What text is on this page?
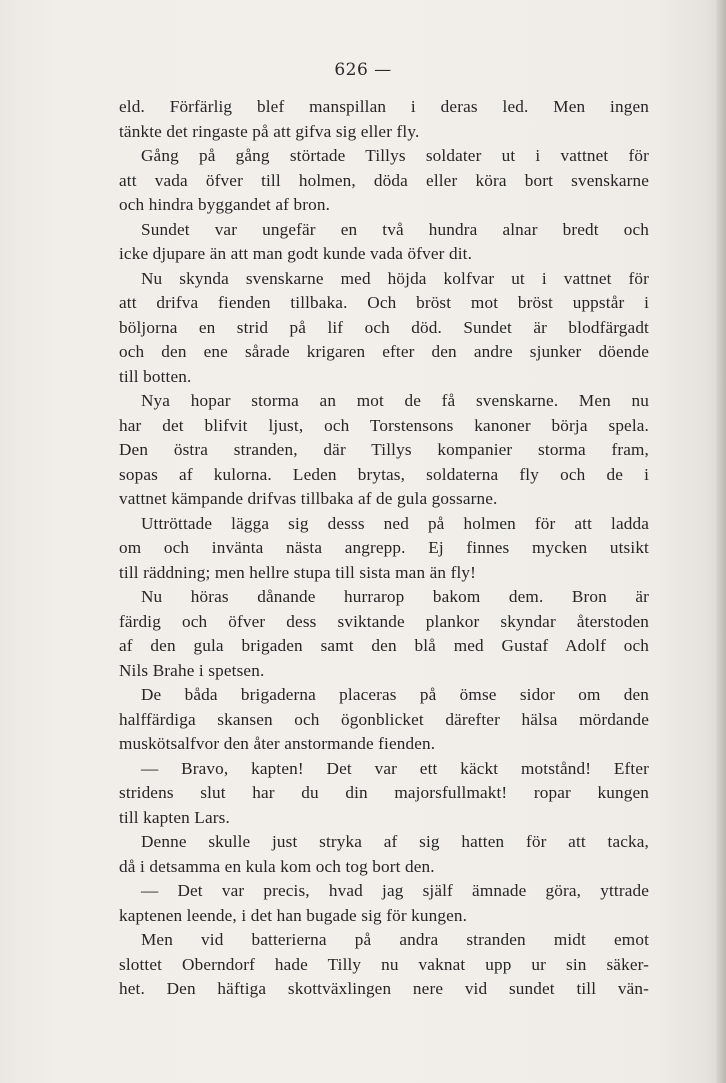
626 —
eld. Förfärlig blef manspillan i deras led. Men ingen
tänkte det ringaste på att gifva sig eller fly.
Gång på gång störtade Tillys soldater ut i vattnet för
att vada öfver till holmen, döda eller köra bort svenskarne
och hindra byggandet af bron.
Sundet var ungefär en två hundra alnar bredt och
icke djupare än att man godt kunde vada öfver dit.
Nu skynda svenskarne med höjda kolfvar ut i vattnet för
att drifva fienden tillbaka. Och bröst mot bröst uppstår i
böljorna en strid på lif och död. Sundet är blodfärgadt
och den ene sårade krigaren efter den andre sjunker döende
till botten.
Nya hopar storma an mot de få svenskarne. Men nu
har det blifvit ljust, och Torstensons kanoner börja spela.
Den östra stranden, där Tillys kompanier storma fram,
sopas af kulorna. Leden brytas, soldaterna fly och de i
vattnet kämpande drifvas tillbaka af de gula gossarne.
Uttröttade lägga sig desss ned på holmen för att ladda
om och invänta nästa angrepp. Ej finnes mycken utsikt
till räddning; men hellre stupa till sista man än fly!
Nu höras dånande hurrarop bakom dem. Bron är
färdig och öfver dess sviktande plankor skyndar återstoden
af den gula brigaden samt den blå med Gustaf Adolf och
Nils Brahe i spetsen.
De båda brigaderna placeras på ömse sidor om den
halffärdiga skansen och ögonblicket därefter hälsa mördande
muskötsalfvor den åter anstormande fienden.
— Bravo, kapten! Det var ett käckt motstånd! Efter
stridens slut har du din majorsfullmakt! ropar kungen
till kapten Lars.
Denne skulle just stryka af sig hatten för att tacka,
då i detsamma en kula kom och tog bort den.
— Det var precis, hvad jag själf ämnade göra, yttrade
kaptenen leende, i det han bugade sig för kungen.
Men vid batterierna på andra stranden midt emot
slottet Oberndorf hade Tilly nu vaknat upp ur sin säker-
het. Den häftiga skottväxlingen nere vid sundet till vän-
